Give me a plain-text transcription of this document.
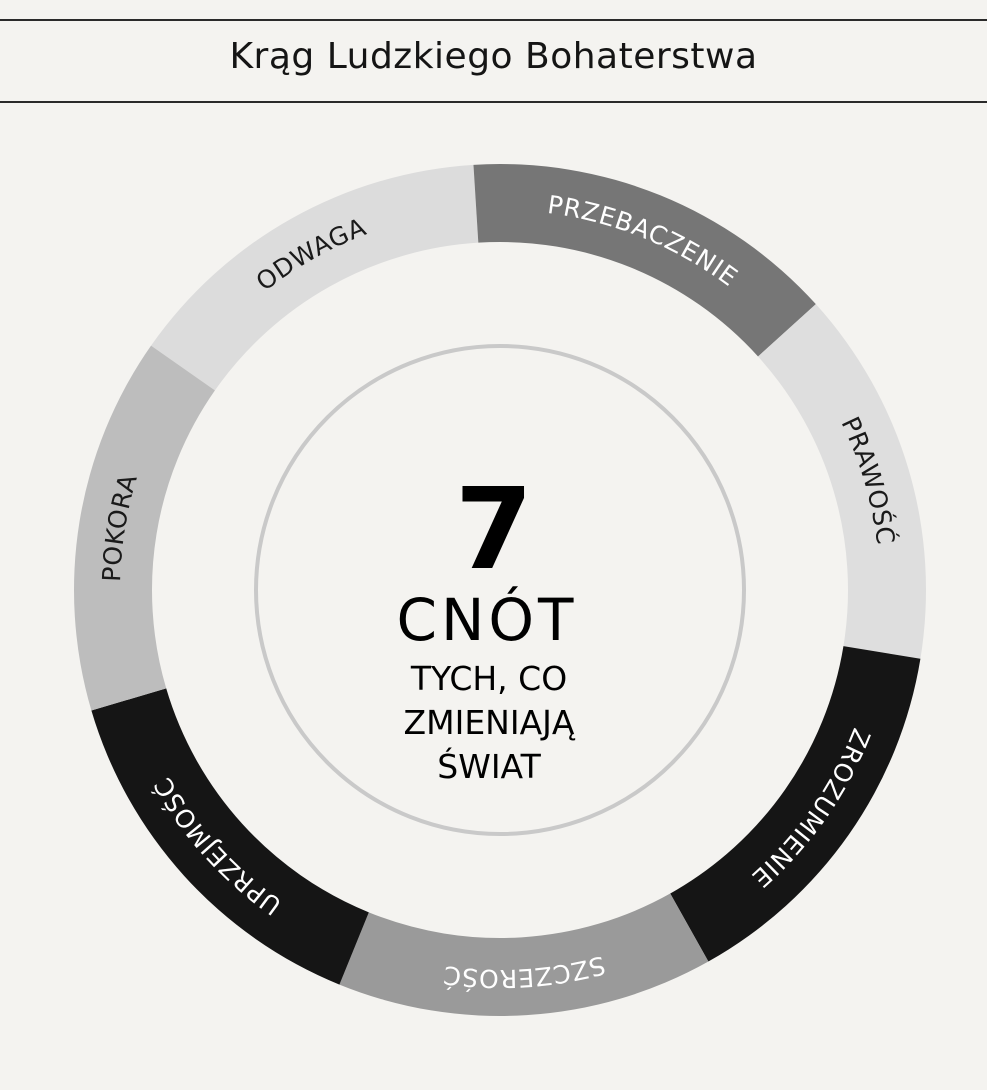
Krąg Ludzkiego Bohaterstwa
ODWAGA
PRZEBACZENIE
PRAWOŚĆ
ZROZUMIENIE
SZCZEROŚĆ
UPRZEJMOŚĆ
POKORA	7
CNÓT
TYCH, CO
ZMIENIAJĄ
ŚWIAT
